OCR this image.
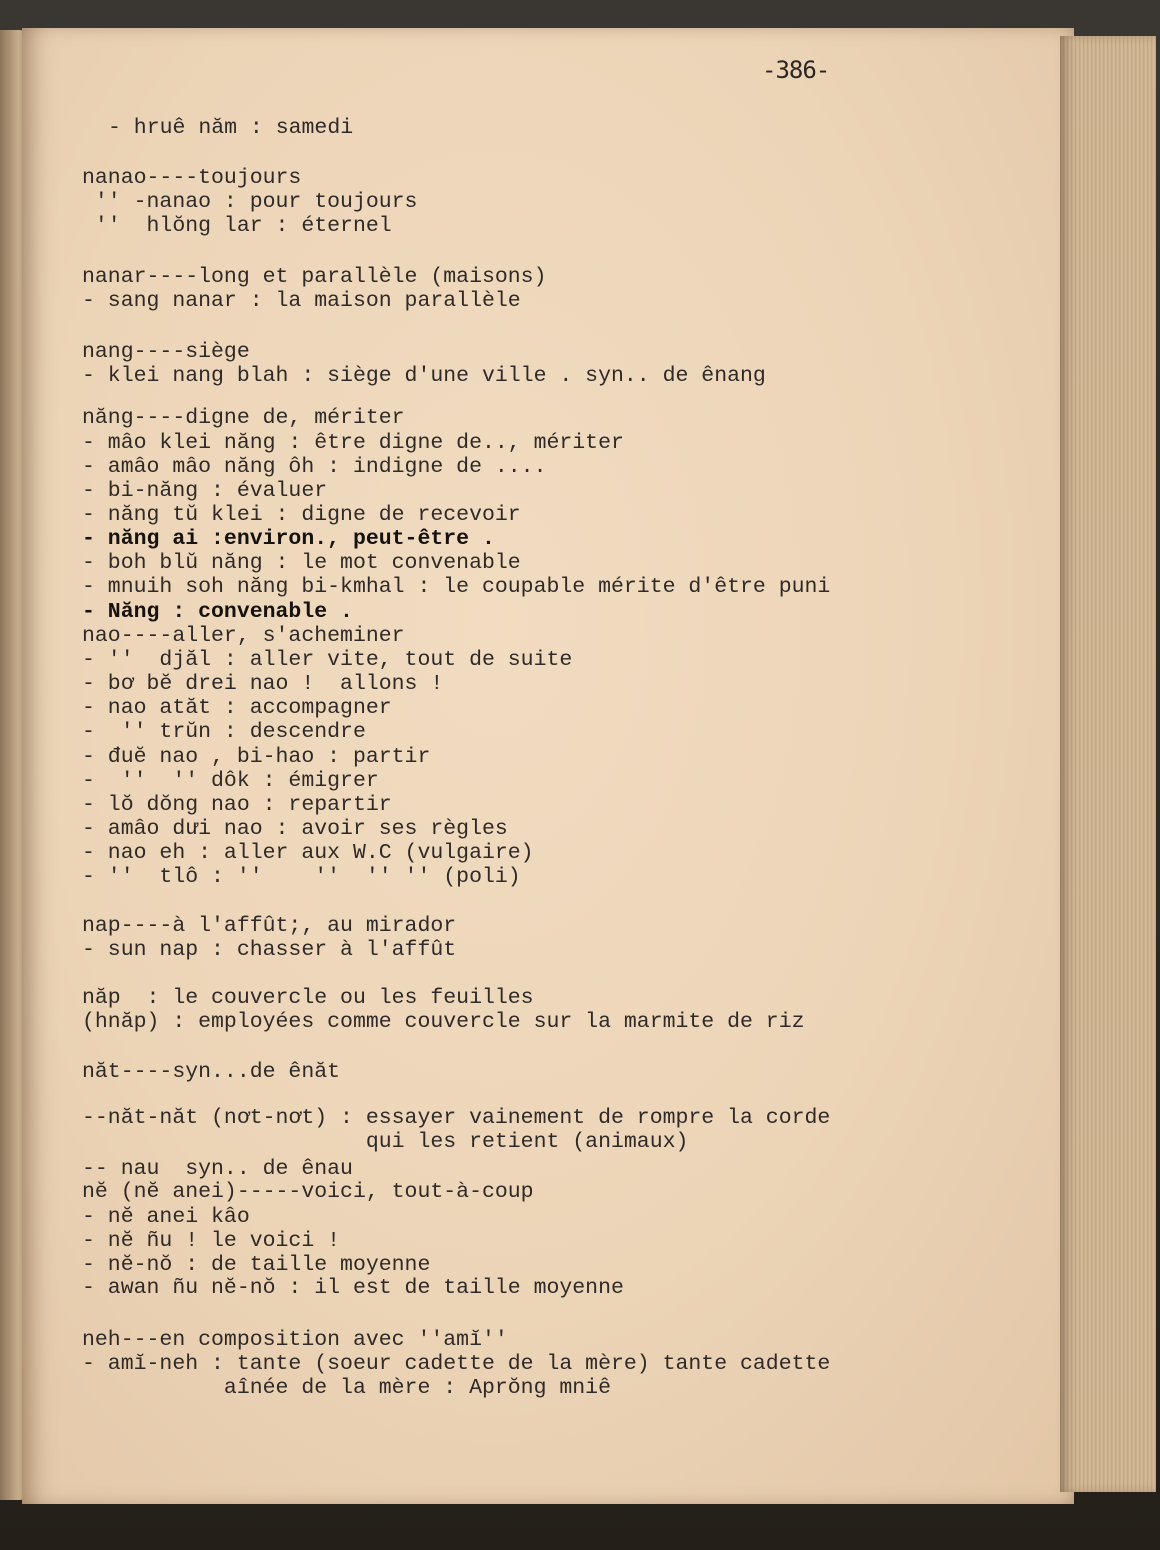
-386-
- hruê năm : samedi
nanao----toujours
'' -nanao : pour toujours
''  hlŏng lar : éternel
nanar----long et parallèle (maisons)
- sang nanar : la maison parallèle
nang----siège
- klei nang blah : siège d'une ville . syn.. de ênang
năng----digne de, mériter
- mâo klei năng : être digne de.., mériter
- amâo mâo năng ôh : indigne de ....
- bi-năng : évaluer
- năng tŭ klei : digne de recevoir
- năng ai :environ., peut-être .
- boh blŭ năng : le mot convenable
- mnuih soh năng bi-kmhal : le coupable mérite d'être puni
- Năng : convenable .
nao----aller, s'acheminer
- ''  djăl : aller vite, tout de suite
- bơ bĕ drei nao !  allons !
- nao atăt : accompagner
-  '' trŭn : descendre
- đuĕ nao , bi-hao : partir
-  ''  '' dôk : émigrer
- lŏ dŏng nao : repartir
- amâo dưi nao : avoir ses règles
- nao eh : aller aux W.C (vulgaire)
- ''  tlô : ''    ''  '' '' (poli)
nap----à l'affût;, au mirador
- sun nap : chasser à l'affût
năp  : le couvercle ou les feuilles
(hnăp) : employées comme couvercle sur la marmite de riz
năt----syn...de ênăt
--năt-năt (nơt-nơt) : essayer vainement de rompre la corde
qui les retient (animaux)
-- nau  syn.. de ênau
nĕ (nĕ anei)-----voici, tout-à-coup
- nĕ anei kâo
- nĕ ñu ! le voici !
- nĕ-nŏ : de taille moyenne
- awan ñu nĕ-nŏ : il est de taille moyenne
neh---en composition avec ''amĭ''
- amĭ-neh : tante (soeur cadette de la mère) tante cadette
aînée de la mère : Aprŏng mniê
